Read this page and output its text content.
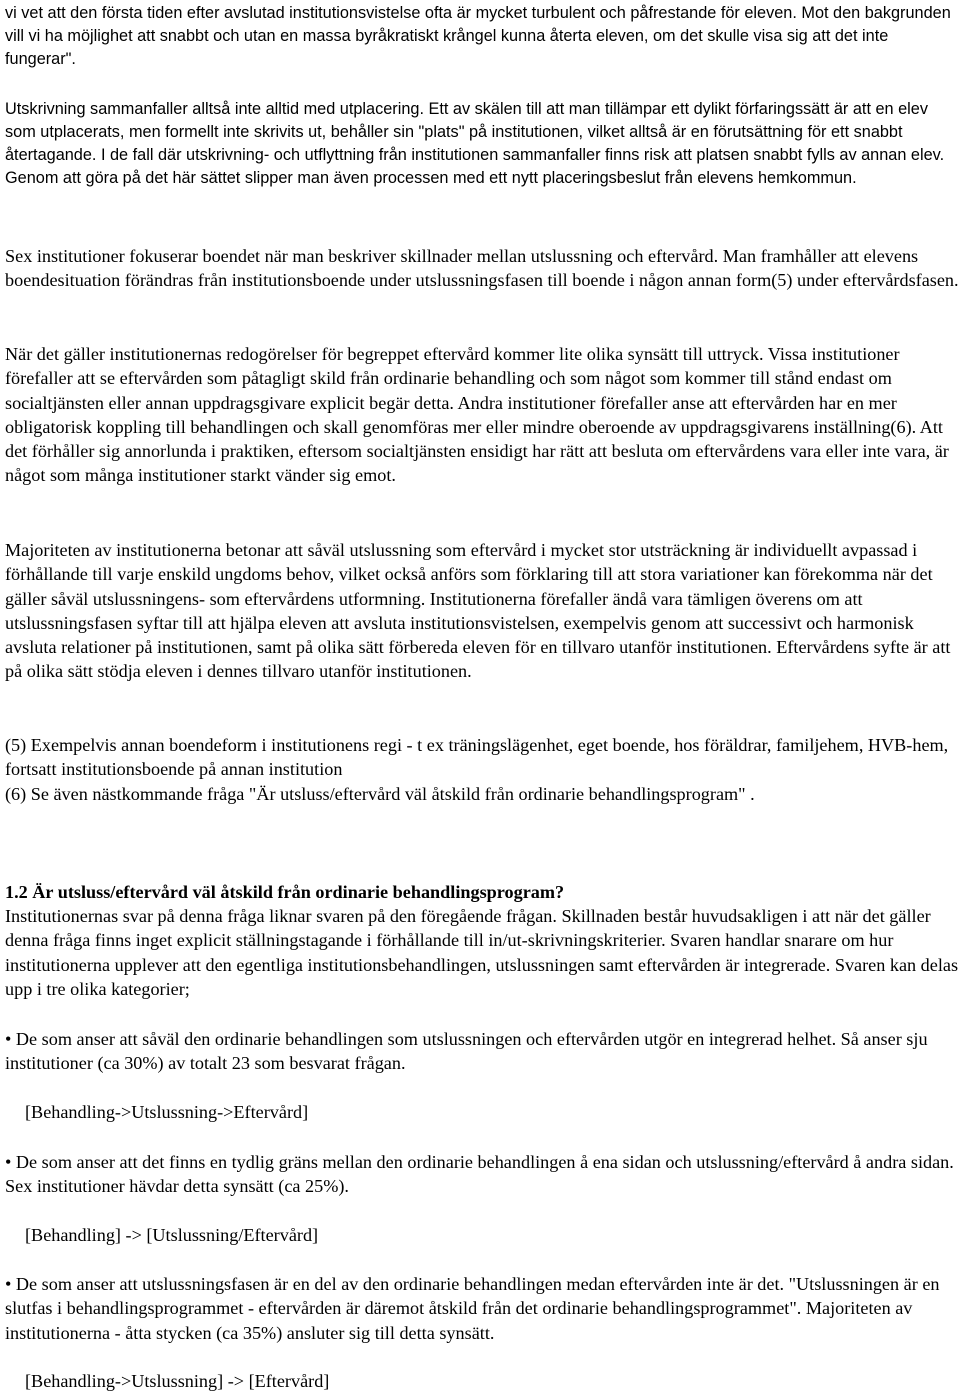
vi vet att den första tiden efter avslutad institutionsvistelse ofta är mycket turbulent och påfrestande för eleven. Mot den bakgrunden vill vi ha möjlighet att snabbt och utan en massa byråkratiskt krångel kunna återta eleven, om det skulle visa sig att det inte fungerar".

Utskrivning sammanfaller alltså inte alltid med utplacering. Ett av skälen till att man tillämpar ett dylikt förfaringssätt är att en elev som utplacerats, men formellt inte skrivits ut, behåller sin "plats" på institutionen, vilket alltså är en förutsättning för ett snabbt återtagande. I de fall där utskrivning- och utflyttning från institutionen sammanfaller finns risk att platsen snabbt fylls av annan elev. Genom att göra på det här sättet slipper man även processen med ett nytt placeringsbeslut från elevens hemkommun.

Sex institutioner fokuserar boendet när man beskriver skillnader mellan utslussning och eftervård. Man framhåller att elevens boendesituation förändras från institutionsboende under utslussningsfasen till boende i någon annan form(5) under eftervårdsfasen.

När det gäller institutionernas redogörelser för begreppet eftervård kommer lite olika synsätt till uttryck. Vissa institutioner förefaller att se eftervården som påtagligt skild från ordinarie behandling och som något som kommer till stånd endast om socialtjänsten eller annan uppdragsgivare explicit begär detta. Andra institutioner förefaller anse att eftervården har en mer obligatorisk koppling till behandlingen och skall genomföras mer eller mindre oberoende av uppdragsgivarens inställning(6). Att det förhåller sig annorlunda i praktiken, eftersom socialtjänsten ensidigt har rätt att besluta om eftervårdens vara eller inte vara, är något som många institutioner starkt vänder sig emot.

Majoriteten av institutionerna betonar att såväl utslussning som eftervård i mycket stor utsträckning är individuellt avpassad i förhållande till varje enskild ungdoms behov, vilket också anförs som förklaring till att stora variationer kan förekomma när det gäller såväl utslussningens- som eftervårdens utformning. Institutionerna förefaller ändå vara tämligen överens om att utslussningsfasen syftar till att hjälpa eleven att avsluta institutionsvistelsen, exempelvis genom att successivt och harmonisk avsluta relationer på institutionen, samt på olika sätt förbereda eleven för en tillvaro utanför institutionen. Eftervårdens syfte är att på olika sätt stödja eleven i dennes tillvaro utanför institutionen.

(5) Exempelvis annan boendeform i institutionens regi - t ex träningslägenhet, eget boende, hos föräldrar, familjehem, HVB-hem, fortsatt institutionsboende på annan institution

(6) Se även nästkommande fråga "Är utsluss/eftervård väl åtskild från ordinarie behandlingsprogram" .

1.2 Är utsluss/eftervård väl åtskild från ordinarie behandlingsprogram?

Institutionernas svar på denna fråga liknar svaren på den föregående frågan. Skillnaden består huvudsakligen i att när det gäller denna fråga finns inget explicit ställningstagande i förhållande till in/ut-skrivningskriterier. Svaren handlar snarare om hur institutionerna upplever att den egentliga institutionsbehandlingen, utslussningen samt eftervården är integrerade. Svaren kan delas upp i tre olika kategorier;

• De som anser att såväl den ordinarie behandlingen som utslussningen och eftervården utgör en integrerad helhet. Så anser sju institutioner (ca 30%) av totalt 23 som besvarat frågan.

[Behandling->Utslussning->Eftervård]

• De som anser att det finns en tydlig gräns mellan den ordinarie behandlingen å ena sidan och utslussning/eftervård å andra sidan. Sex institutioner hävdar detta synsätt (ca 25%).

[Behandling] -> [Utslussning/Eftervård]

• De som anser att utslussningsfasen är en del av den ordinarie behandlingen medan eftervården inte är det. "Utslussningen är en slutfas i behandlingsprogrammet - eftervården är däremot åtskild från det ordinarie behandlingsprogrammet". Majoriteten av institutionerna - åtta stycken (ca 35%) ansluter sig till detta synsätt.

[Behandling->Utslussning] -> [Eftervård]
